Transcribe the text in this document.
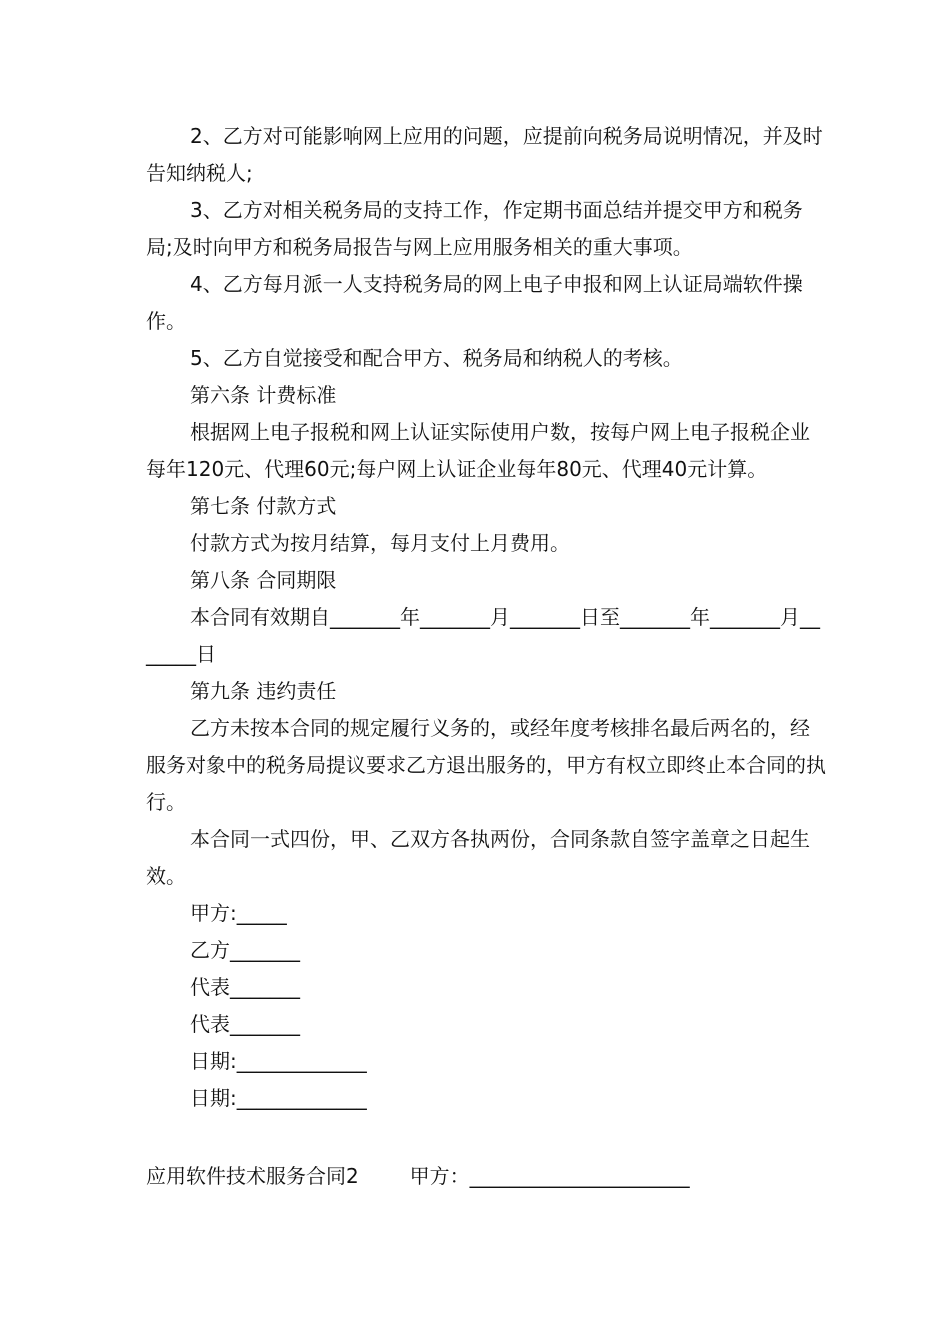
2、乙方对可能影响网上应用的问题，应提前向税务局说明情况，并及时告知纳税人;

3、乙方对相关税务局的支持工作，作定期书面总结并提交甲方和税务局;及时向甲方和税务局报告与网上应用服务相关的重大事项。

4、乙方每月派一人支持税务局的网上电子申报和网上认证局端软件操作。

5、乙方自觉接受和配合甲方、税务局和纳税人的考核。

第六条 计费标准

根据网上电子报税和网上认证实际使用户数，按每户网上电子报税企业每年120元、代理60元;每户网上认证企业每年80元、代理40元计算。

第七条 付款方式

付款方式为按月结算，每月支付上月费用。

第八条 合同期限

本合同有效期自_______年_______月_______日至_______年_______月_______日

第九条 违约责任

乙方未按本合同的规定履行义务的，或经年度考核排名最后两名的，经服务对象中的税务局提议要求乙方退出服务的，甲方有权立即终止本合同的执行。

本合同一式四份，甲、乙双方各执两份，合同条款自签字盖章之日起生效。

甲方:_____

乙方_______

代表_______

代表_______

日期:_____________

日期:_____________

应用软件技术服务合同2        甲方：______________________
